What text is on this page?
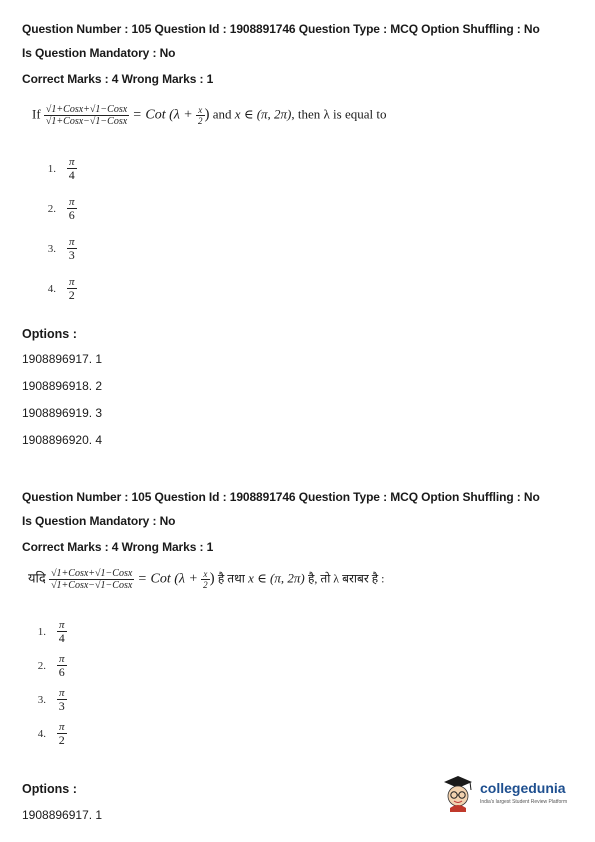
Question Number : 105 Question Id : 1908891746 Question Type : MCQ Option Shuffling : No
Is Question Mandatory : No
Correct Marks : 4 Wrong Marks : 1
If $\frac{\text{√1+Cosx+√1−Cosx}}{\text{√1+Cosx−√1−Cosx}}$ = Cot ($\lambda + \frac{x}{2}$ ) and x ∈ (π, 2π), then λ is equal to
1. $\frac{\pi}{4}$
2. $\frac{\pi}{6}$
3. $\frac{\pi}{3}$
4. $\frac{\pi}{2}$
Options :
1908896917. 1
1908896918. 2
1908896919. 3
1908896920. 4
Question Number : 105 Question Id : 1908891746 Question Type : MCQ Option Shuffling : No
Is Question Mandatory : No
Correct Marks : 4 Wrong Marks : 1
यदि $\frac{\text{√1+Cosx+√1−Cosx}}{\text{√1+Cosx−√1−Cosx}}$ = Cot ($\lambda + \frac{x}{2}$ ) है तथा x ∈ (π, 2π) है, तो λ बराबर है :
1. $\frac{\pi}{4}$
2. $\frac{\pi}{6}$
3. $\frac{\pi}{3}$
4. $\frac{\pi}{2}$
Options :
1908896917. 1
collegedunia
India's largest Student Review Platform
